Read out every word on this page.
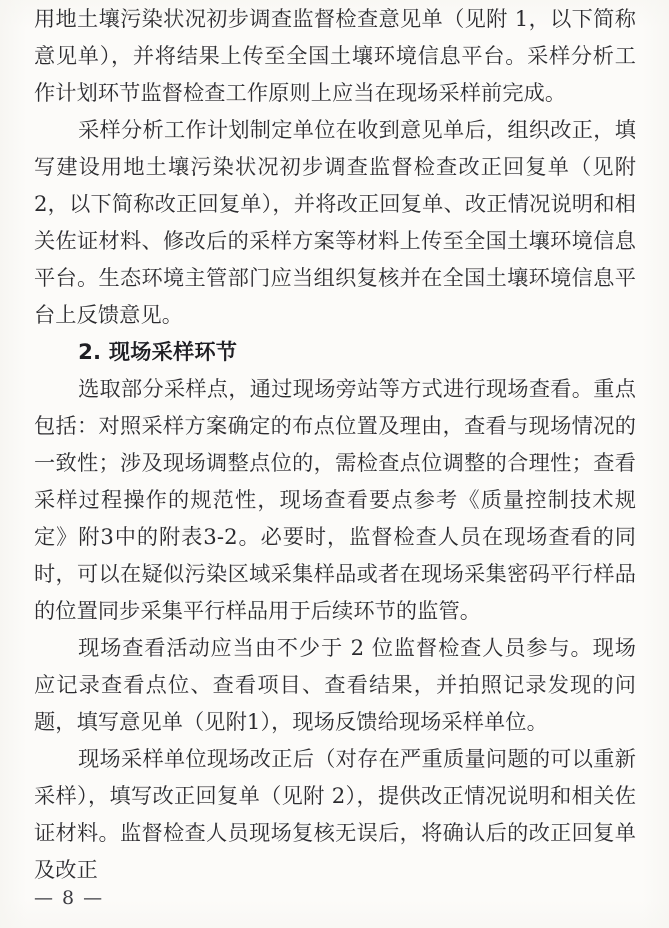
用地土壤污染状况初步调查监督检查意见单（见附 1，以下简称意见单），并将结果上传至全国土壤环境信息平台。采样分析工作计划环节监督检查工作原则上应当在现场采样前完成。

采样分析工作计划制定单位在收到意见单后，组织改正，填写建设用地土壤污染状况初步调查监督检查改正回复单（见附 2，以下简称改正回复单），并将改正回复单、改正情况说明和相关佐证材料、修改后的采样方案等材料上传至全国土壤环境信息平台。生态环境主管部门应当组织复核并在全国土壤环境信息平台上反馈意见。

2. 现场采样环节

选取部分采样点，通过现场旁站等方式进行现场查看。重点包括：对照采样方案确定的布点位置及理由，查看与现场情况的一致性；涉及现场调整点位的，需检查点位调整的合理性；查看采样过程操作的规范性，现场查看要点参考《质量控制技术规定》附3中的附表3-2。必要时，监督检查人员在现场查看的同时，可以在疑似污染区域采集样品或者在现场采集密码平行样品的位置同步采集平行样品用于后续环节的监管。

现场查看活动应当由不少于 2 位监督检查人员参与。现场应记录查看点位、查看项目、查看结果，并拍照记录发现的问题，填写意见单（见附1），现场反馈给现场采样单位。

现场采样单位现场改正后（对存在严重质量问题的可以重新采样），填写改正回复单（见附 2），提供改正情况说明和相关佐证材料。监督检查人员现场复核无误后，将确认后的改正回复单及改正

— 8 —
